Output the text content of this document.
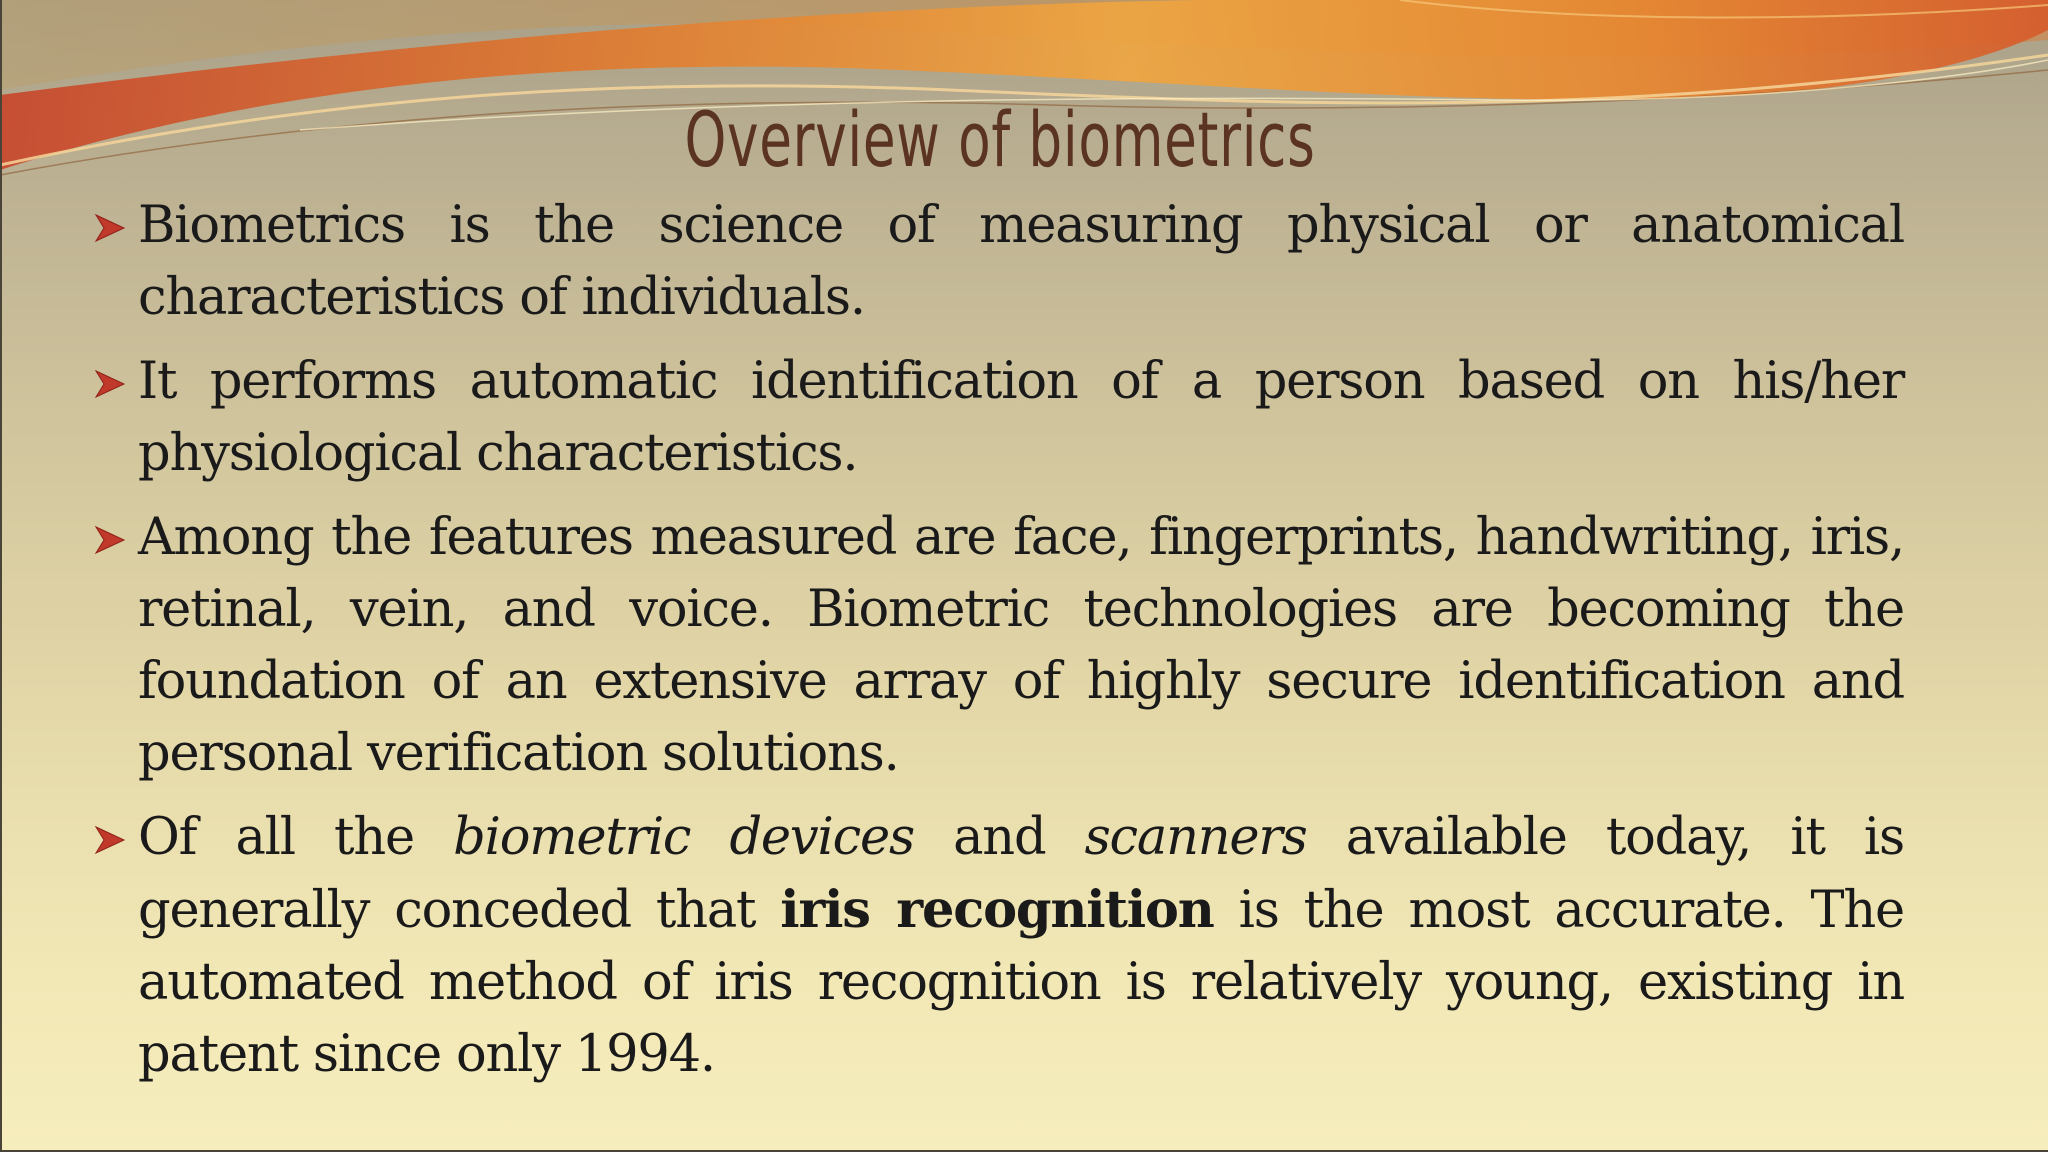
Overview of biometrics
Biometrics is the science of measuring physical or anatomical characteristics of individuals.
It performs automatic identification of a person based on his/her physiological characteristics.
Among the features measured are face, fingerprints, handwriting, iris, retinal, vein, and voice. Biometric technologies are becoming the foundation of an extensive array of highly secure identification and personal verification solutions.
Of all the biometric devices and scanners available today, it is generally conceded that iris recognition is the most accurate. The automated method of iris recognition is relatively young, existing in patent since only 1994.
